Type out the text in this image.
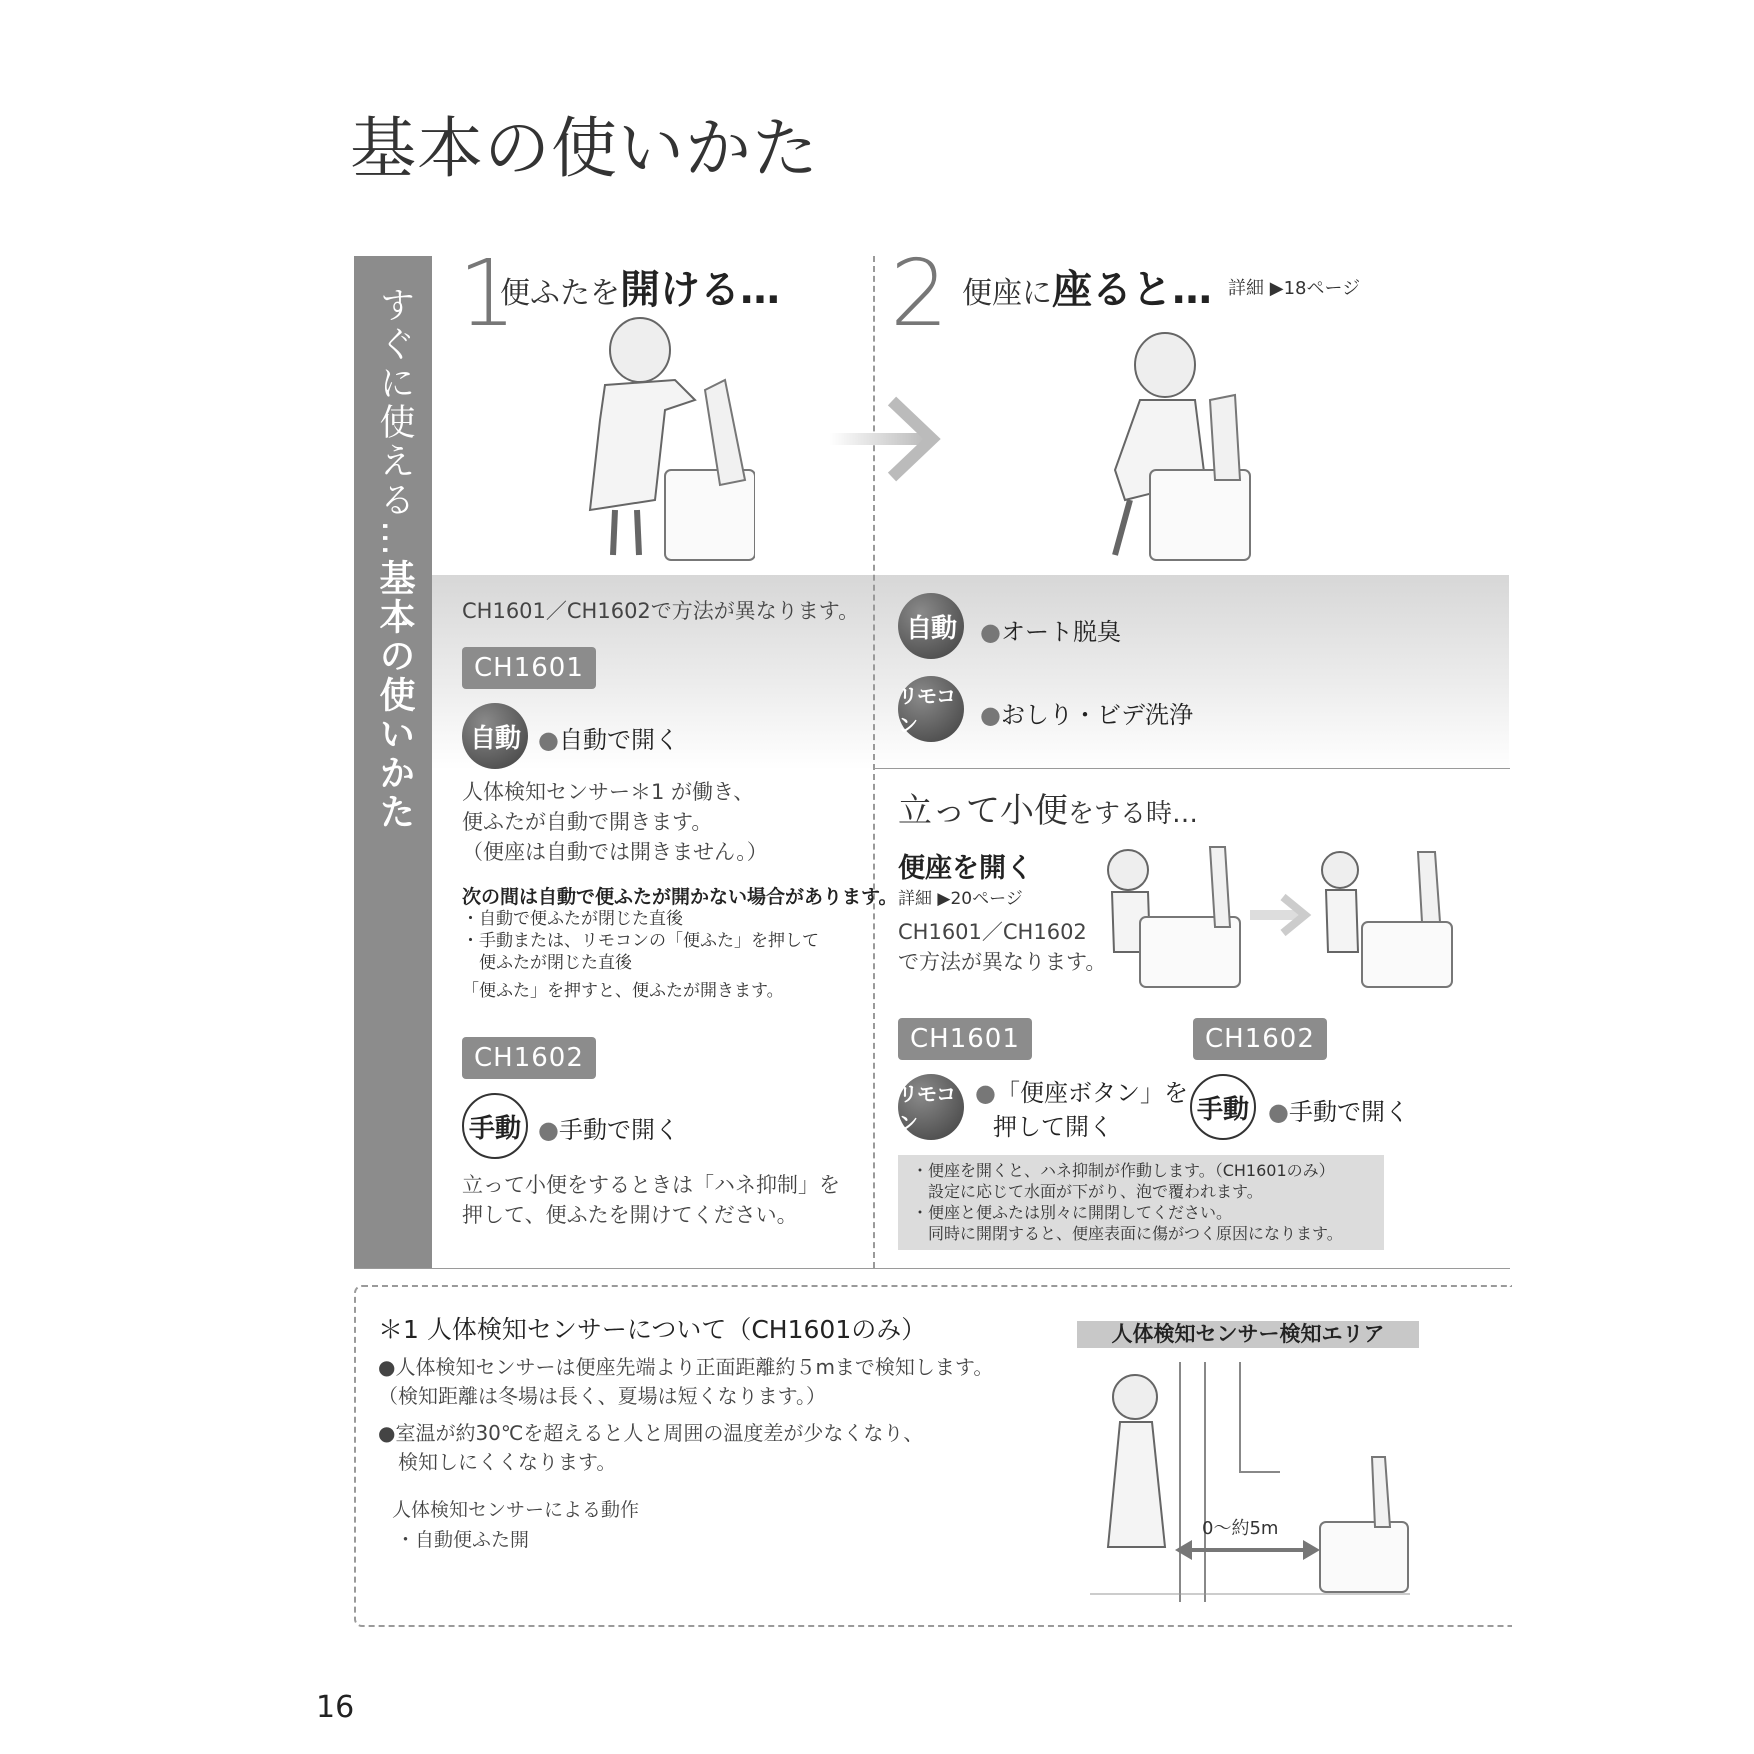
基本の使いかた
すぐに使える…基本の使いかた
1
便ふたを開ける…
CH1601／CH1602で方法が異なります。
CH1601
自動 ●自動で開く
人体検知センサー＊1 が働き、
便ふたが自動で開きます。
（便座は自動では開きません。）
次の間は自動で便ふたが開かない場合があります。
・自動で便ふたが閉じた直後
・手動または、リモコンの「便ふた」を押して
　便ふたが閉じた直後
「便ふた」を押すと、便ふたが開きます。
CH1602
手動 ●手動で開く
立って小便をするときは「ハネ抑制」を
押して、便ふたを開けてください。
2 便座に座ると… 詳細 ▶18ページ
自動	●オート脱臭
リモコン	●おしり・ビデ洗浄
立って小便をする時…
便座を開く
詳細 ▶20ページ
CH1601／CH1602
で方法が異なります。
CH1601	CH1602
リモコン
●「便座ボタン」を
押して開く
手動 ●手動で開く
・便座を開くと、ハネ抑制が作動します。（CH1601のみ）
　設定に応じて水面が下がり、泡で覆われます。
・便座と便ふたは別々に開閉してください。
　同時に開閉すると、便座表面に傷がつく原因になります。
＊1 人体検知センサーについて（CH1601のみ）
●人体検知センサーは便座先端より正面距離約５mまで検知します。
（検知距離は冬場は長く、夏場は短くなります。）
●室温が約30℃を超えると人と周囲の温度差が少なくなり、
　検知しにくくなります。
人体検知センサーによる動作
・自動便ふた開
人体検知センサー検知エリア
0～約5m
16
